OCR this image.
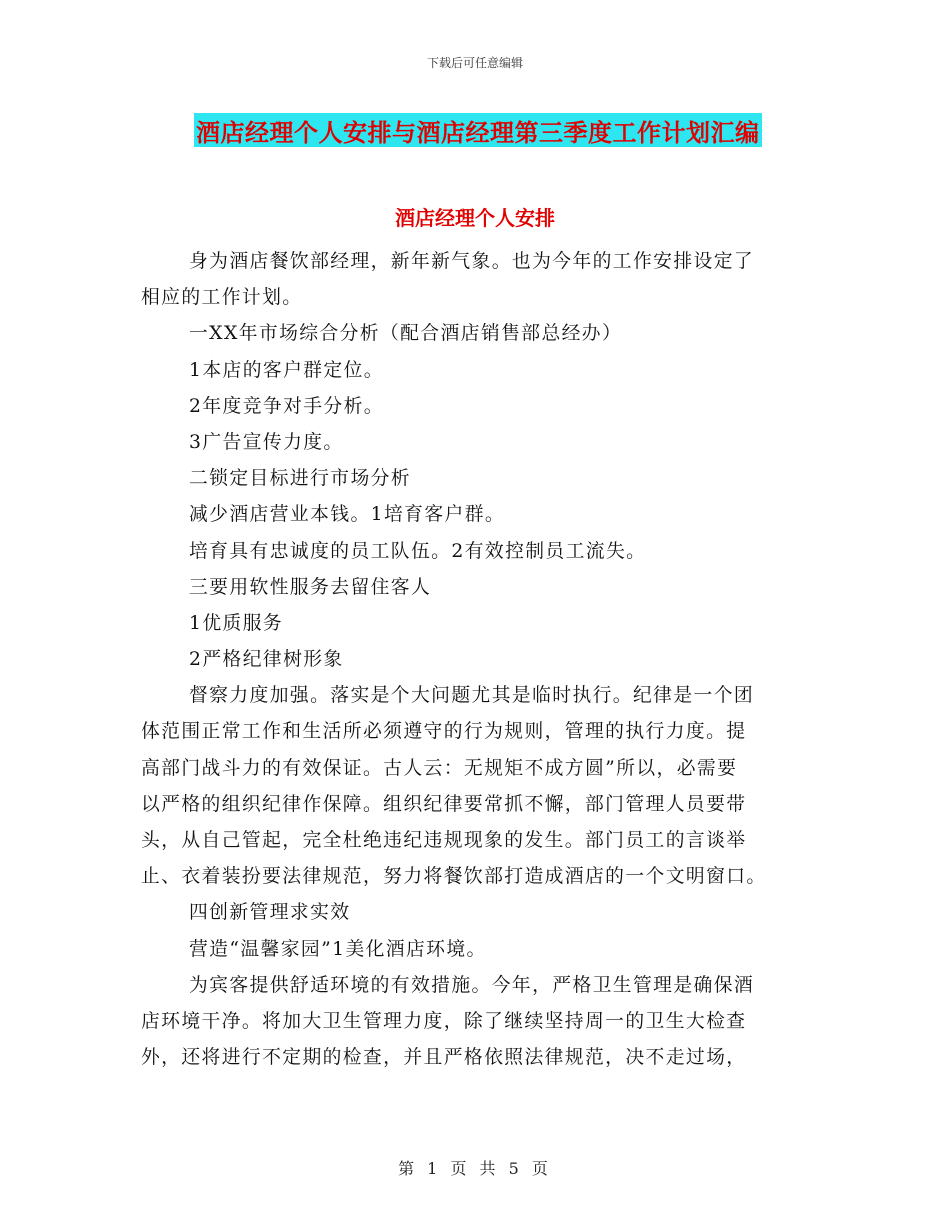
下载后可任意编辑
酒店经理个人安排与酒店经理第三季度工作计划汇编
酒店经理个人安排
身为酒店餐饮部经理，新年新气象。也为今年的工作安排设定了
相应的工作计划。
一XX年市场综合分析（配合酒店销售部总经办）
1本店的客户群定位。
2年度竞争对手分析。
3广告宣传力度。
二锁定目标进行市场分析
减少酒店营业本钱。1培育客户群。
培育具有忠诚度的员工队伍。2有效控制员工流失。
三要用软性服务去留住客人
1优质服务
2严格纪律树形象
督察力度加强。落实是个大问题尤其是临时执行。纪律是一个团
体范围正常工作和生活所必须遵守的行为规则，管理的执行力度。提
高部门战斗力的有效保证。古人云：无规矩不成方圆”所以，必需要
以严格的组织纪律作保障。组织纪律要常抓不懈，部门管理人员要带
头，从自己管起，完全杜绝违纪违规现象的发生。部门员工的言谈举
止、衣着装扮要法律规范，努力将餐饮部打造成酒店的一个文明窗口。
四创新管理求实效
营造“温馨家园”1美化酒店环境。
为宾客提供舒适环境的有效措施。今年，严格卫生管理是确保酒
店环境干净。将加大卫生管理力度，除了继续坚持周一的卫生大检查
外，还将进行不定期的检查，并且严格依照法律规范，决不走过场，
第 1 页 共 5 页
